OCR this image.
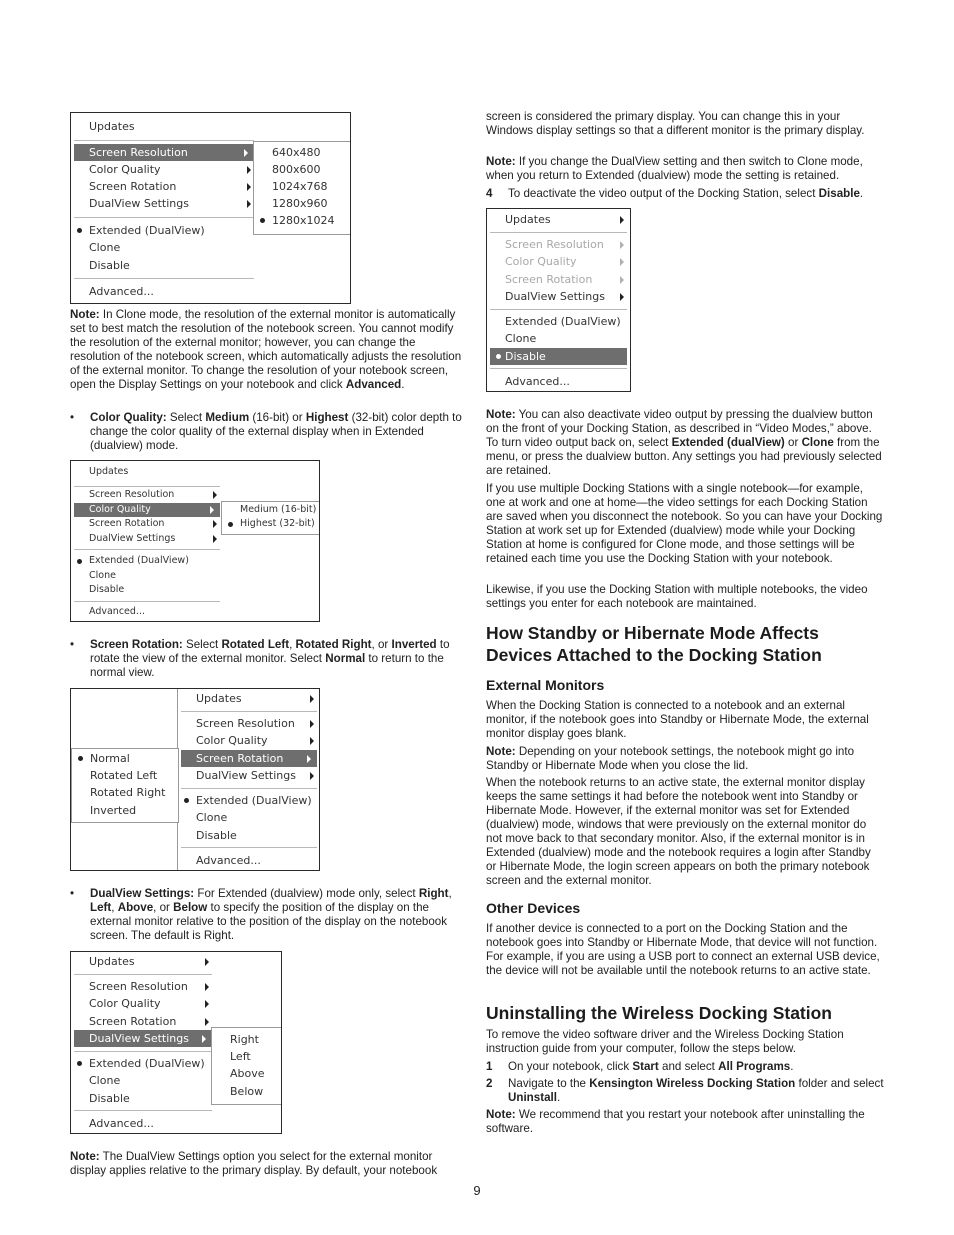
Updates
Screen Resolution
Color Quality
Screen Rotation
DualView Settings
Extended (DualView)
Clone
Disable
Advanced...
640x480
800x600
1024x768
1280x960
1280x1024

Note: In Clone mode, the resolution of the external monitor is automatically set to best match the resolution of the notebook screen. You cannot modify the resolution of the external monitor; however, you can change the resolution of the notebook screen, which automatically adjusts the resolution of the external monitor. To change the resolution of your notebook screen, open the Display Settings on your notebook and click Advanced.

• Color Quality: Select Medium (16-bit) or Highest (32-bit) color depth to change the color quality of the external display when in Extended (dualview) mode.
Updates
Screen Resolution
Color Quality
Screen Rotation
DualView Settings
Extended (DualView)
Clone
Disable
Advanced...
Medium (16-bit)
Highest (32-bit)
• Screen Rotation: Select Rotated Left, Rotated Right, or Inverted to rotate the view of the external monitor. Select Normal to return to the normal view.
Updates
Screen Resolution
Color Quality
Screen Rotation
DualView Settings
Extended (DualView)
Clone
Disable
Advanced...
Normal
Rotated Left
Rotated Right
Inverted
• DualView Settings: For Extended (dualview) mode only, select Right, Left, Above, or Below to specify the position of the display on the external monitor relative to the position of the display on the notebook screen. The default is Right.
Updates
Screen Resolution
Color Quality
Screen Rotation
DualView Settings
Extended (DualView)
Clone
Disable
Advanced...
Right
Left
Above
Below

Note: The DualView Settings option you select for the external monitor display applies relative to the primary display. By default, your notebook

screen is considered the primary display. You can change this in your Windows display settings so that a different monitor is the primary display.

Note: If you change the DualView setting and then switch to Clone mode, when you return to Extended (dualview) mode the setting is retained.

4 To deactivate the video output of the Docking Station, select Disable.
Updates
Screen Resolution
Color Quality
Screen Rotation
DualView Settings
Extended (DualView)
Clone
Disable
Advanced...

Note: You can also deactivate video output by pressing the dualview button on the front of your Docking Station, as described in “Video Modes,” above. To turn video output back on, select Extended (dualView) or Clone from the menu, or press the dualview button. Any settings you had previously selected are retained.

If you use multiple Docking Stations with a single notebook—for example, one at work and one at home—the video settings for each Docking Station are saved when you disconnect the notebook. So you can have your Docking Station at work set up for Extended (dualview) mode while your Docking Station at home is configured for Clone mode, and those settings will be retained each time you use the Docking Station with your notebook.

Likewise, if you use the Docking Station with multiple notebooks, the video settings you enter for each notebook are maintained.

How Standby or Hibernate Mode Affects Devices Attached to the Docking Station
External Monitors

When the Docking Station is connected to a notebook and an external monitor, if the notebook goes into Standby or Hibernate Mode, the external monitor display goes blank.

Note: Depending on your notebook settings, the notebook might go into Standby or Hibernate Mode when you close the lid.

When the notebook returns to an active state, the external monitor display keeps the same settings it had before the notebook went into Standby or Hibernate Mode. However, if the external monitor was set for Extended (dualview) mode, windows that were previously on the external monitor do not move back to that secondary monitor. Also, if the external monitor is in Extended (dualview) mode and the notebook requires a login after Standby or Hibernate Mode, the login screen appears on both the primary notebook screen and the external monitor.

Other Devices

If another device is connected to a port on the Docking Station and the notebook goes into Standby or Hibernate Mode, that device will not function. For example, if you are using a USB port to connect an external USB device, the device will not be available until the notebook returns to an active state.

Uninstalling the Wireless Docking Station

To remove the video software driver and the Wireless Docking Station instruction guide from your computer, follow the steps below.

1 On your notebook, click Start and select All Programs.
2 Navigate to the Kensington Wireless Docking Station folder and select Uninstall.

Note: We recommend that you restart your notebook after uninstalling the software.

9
